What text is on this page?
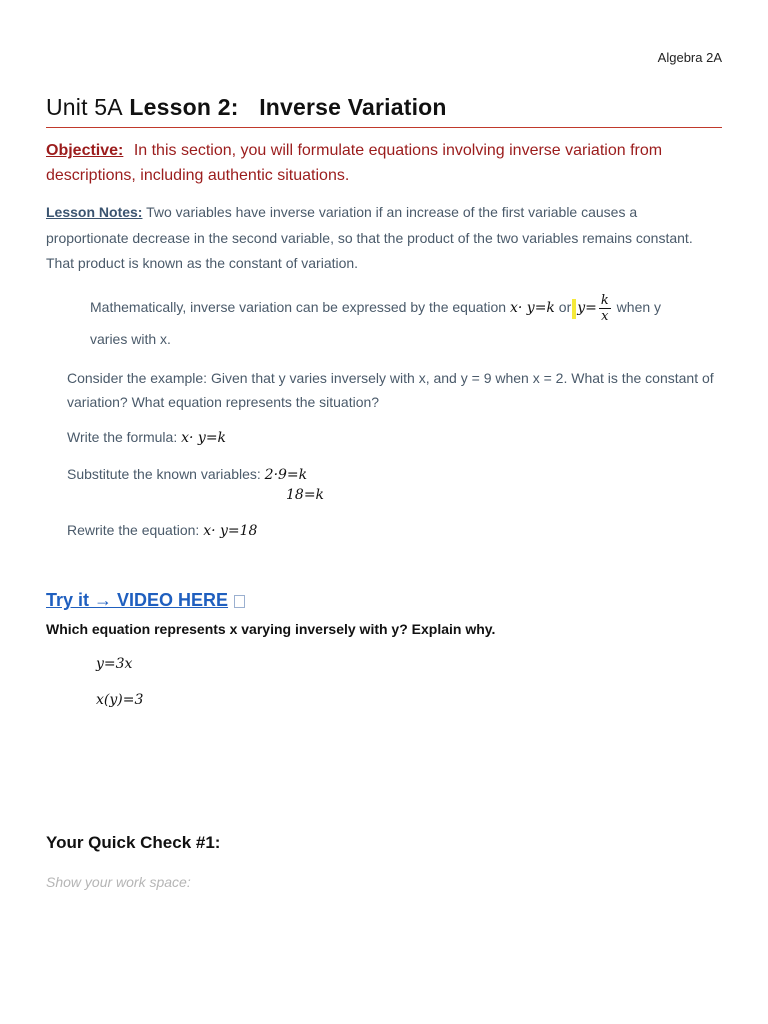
Algebra 2A
Unit 5A Lesson 2: Inverse Variation
Objective: In this section, you will formulate equations involving inverse variation from descriptions, including authentic situations.
Lesson Notes: Two variables have inverse variation if an increase of the first variable causes a proportionate decrease in the second variable, so that the product of the two variables remains constant. That product is known as the constant of variation.
Mathematically, inverse variation can be expressed by the equation x· y=k or $y= \frac{k}{x}$ when y
varies with x.
Consider the example: Given that y varies inversely with x, and y = 9 when x = 2. What is the constant of variation? What equation represents the situation?
Write the formula: x· y=k
Substitute the known variables: 2·9=k
18=k
Rewrite the equation: x· y=18
Try it → VIDEO HERE
Which equation represents x varying inversely with y? Explain why.
y=3x
x(y)=3
Your Quick Check #1:
Show your work space:
